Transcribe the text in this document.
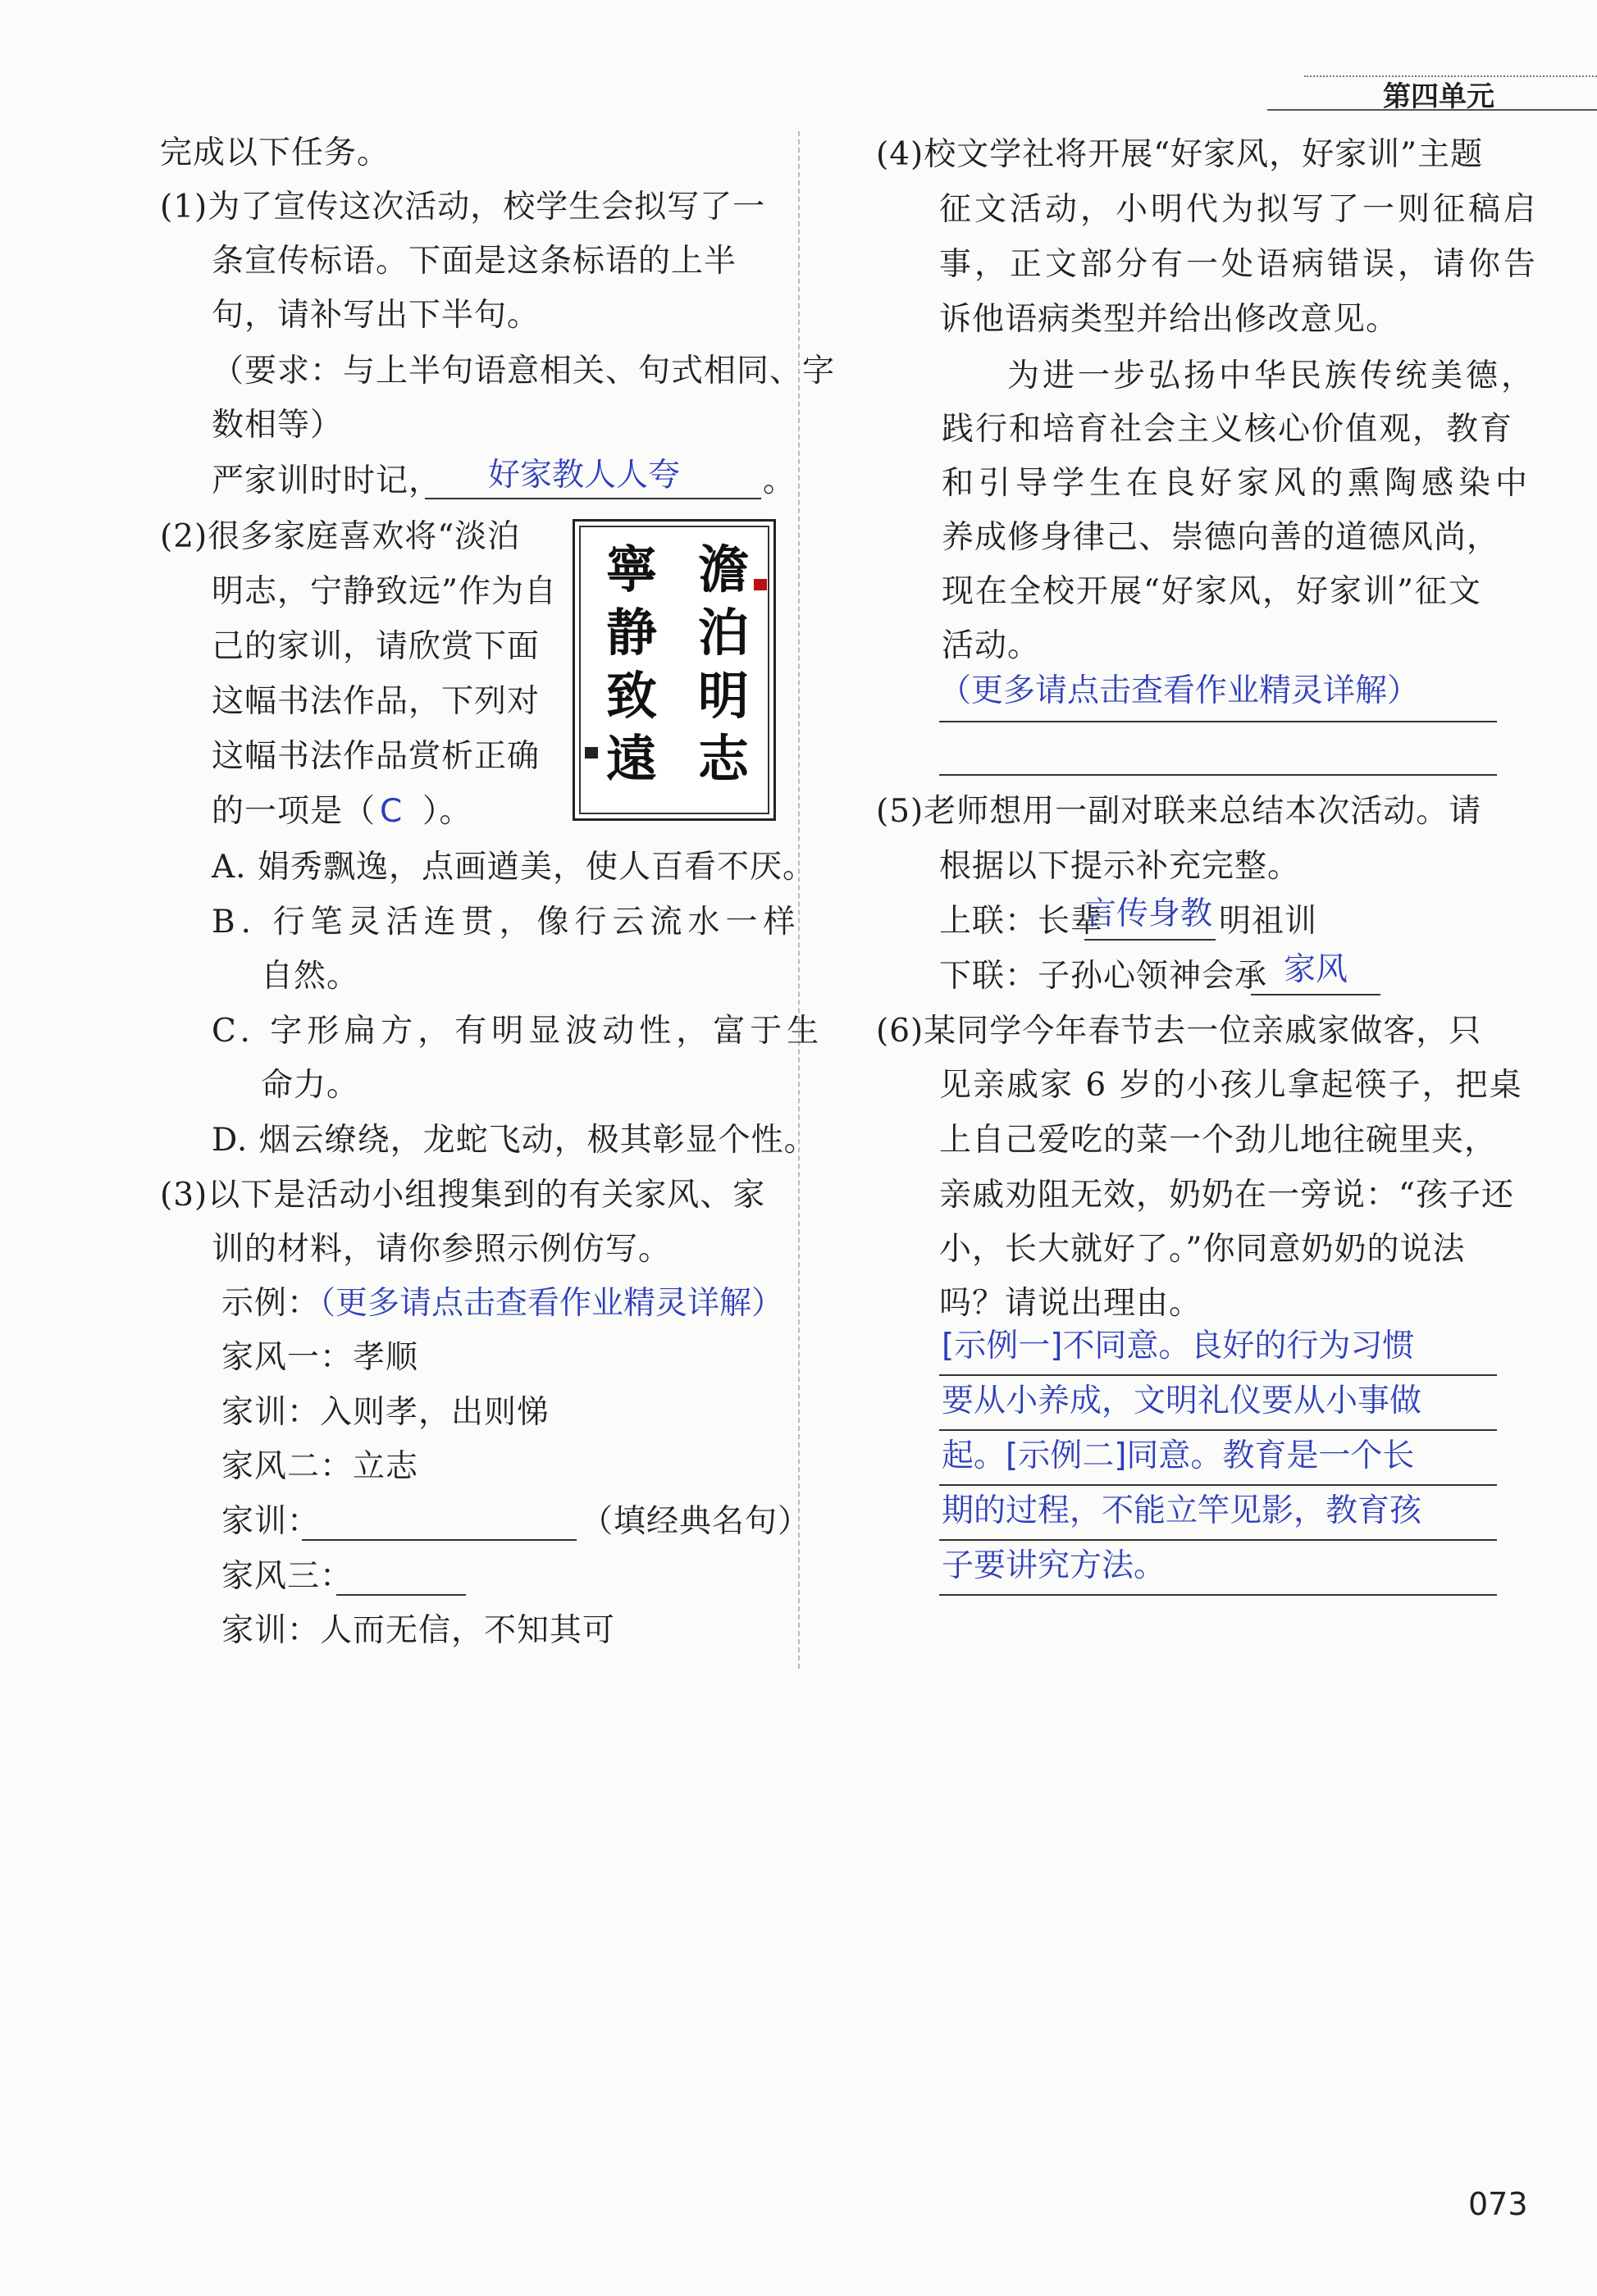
第四单元
完成以下任务。
(1)为了宣传这次活动，校学生会拟写了一
条宣传标语。下面是这条标语的上半
句，请补写出下半句。
（要求：与上半句语意相关、句式相同、字
数相等）
严家训时时记， 好家教人人夸	。
(2)很多家庭喜欢将“淡泊
明志，宁静致远”作为自
己的家训，请欣赏下面
这幅书法作品，下列对
这幅书法作品赏析正确
的一项是（ C ）。
澹
泊
明
志
寧
静
致
遠
A. 娟秀飘逸，点画遒美，使人百看不厌。
B. 行笔灵活连贯，像行云流水一样
自然。
C. 字形扁方，有明显波动性，富于生
命力。
D. 烟云缭绕，龙蛇飞动，极其彰显个性。
(3)以下是活动小组搜集到的有关家风、家
训的材料，请你参照示例仿写。
示例：
（更多请点击查看作业精灵详解）
家风一：孝顺
家训：入则孝，出则悌
家风二：立志
家训：	（填经典名句）
家风三：
家训：人而无信，不知其可
(4)校文学社将开展“好家风，好家训”主题
征文活动，小明代为拟写了一则征稿启
事，正文部分有一处语病错误，请你告
诉他语病类型并给出修改意见。
为进一步弘扬中华民族传统美德，
践行和培育社会主义核心价值观，教育
和引导学生在良好家风的熏陶感染中
养成修身律己、崇德向善的道德风尚，
现在全校开展“好家风，好家训”征文
活动。
（更多请点击查看作业精灵详解）
(5)老师想用一副对联来总结本次活动。请
根据以下提示补充完整。
上联：长辈
言传身教 明祖训
下联：子孙心领神会承 家风
(6)某同学今年春节去一位亲戚家做客，只
见亲戚家 6 岁的小孩儿拿起筷子，把桌
上自己爱吃的菜一个劲儿地往碗里夹，
亲戚劝阻无效，奶奶在一旁说：“孩子还
小，长大就好了。”你同意奶奶的说法
吗？请说出理由。
[示例一]不同意。良好的行为习惯
要从小养成，文明礼仪要从小事做
起。[示例二]同意。教育是一个长
期的过程，不能立竿见影，教育孩
子要讲究方法。
073
